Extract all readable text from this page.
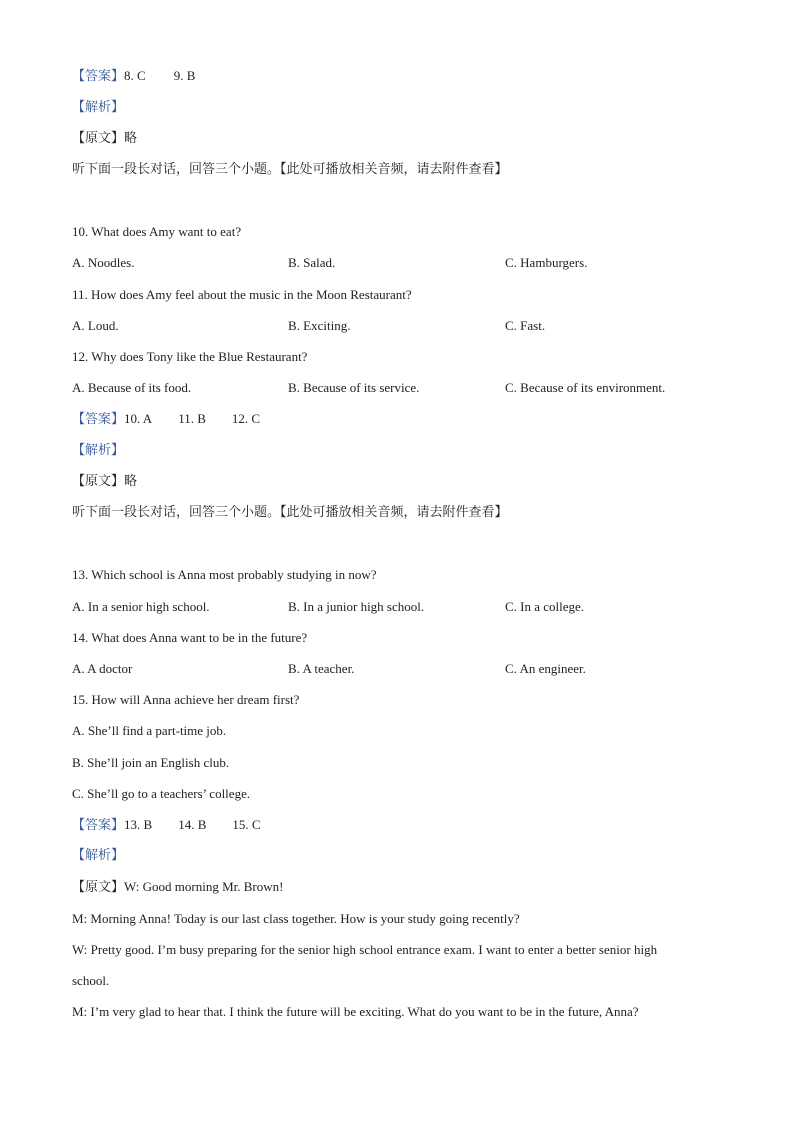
【答案】8. C 9. B
【解析】
【原文】略
听下面一段长对话，回答三个小题。【此处可播放相关音频，请去附件查看】
10. What does Amy want to eat?
A. Noodles.	B. Salad.	C. Hamburgers.
11. How does Amy feel about the music in the Moon Restaurant?
A. Loud.	B. Exciting.	C. Fast.
12. Why does Tony like the Blue Restaurant?
A. Because of its food.	B. Because of its service.	C. Because of its environment.
【答案】10. A 11. B 12. C
【解析】
【原文】略
听下面一段长对话，回答三个小题。【此处可播放相关音频，请去附件查看】
13. Which school is Anna most probably studying in now?
A. In a senior high school.	B. In a junior high school.	C. In a college.
14. What does Anna want to be in the future?
A. A doctor	B. A teacher.	C. An engineer.
15. How will Anna achieve her dream first?
A. She’ll find a part-time job.
B. She’ll join an English club.
C. She’ll go to a teachers’ college.
【答案】13. B 14. B 15. C
【解析】
【原文】W: Good morning Mr. Brown!
M: Morning Anna! Today is our last class together. How is your study going recently?
W: Pretty good. I’m busy preparing for the senior high school entrance exam. I want to enter a better senior high
school.
M: I’m very glad to hear that. I think the future will be exciting. What do you want to be in the future, Anna?
